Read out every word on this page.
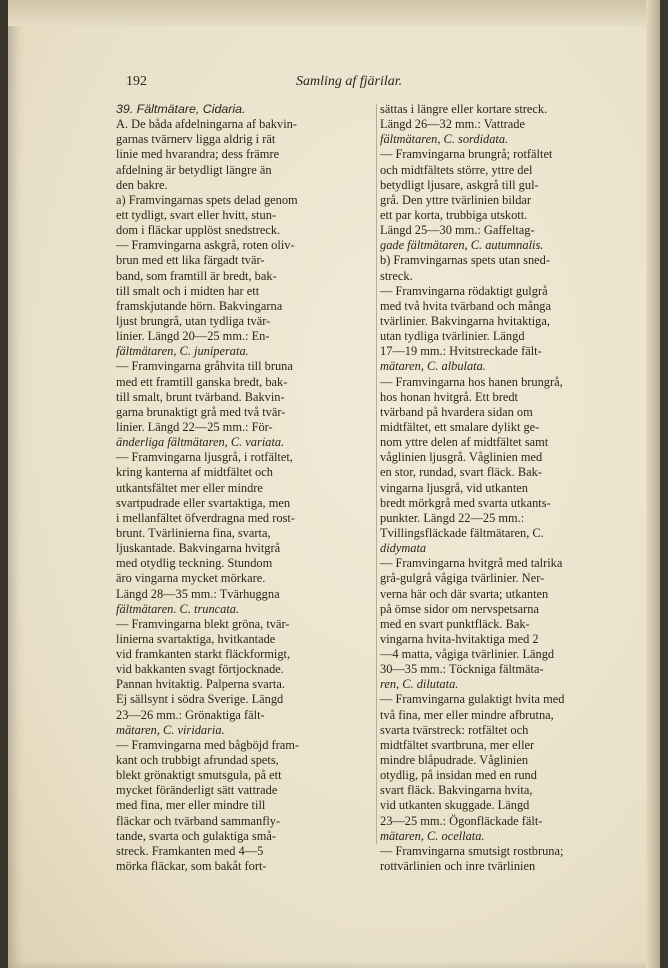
192	Samling af fjärilar.
39. Fältmätare, Cidaria.
A. De båda afdelningarna af bakvin-
garnas tvärnerv ligga aldrig i rät
linie med hvarandra; dess främre
afdelning är betydligt längre än
den bakre.
a) Framvingarnas spets delad genom
ett tydligt, svart eller hvitt, stun-
dom i fläckar upplöst snedstreck.
— Framvingarna askgrå, roten oliv-
brun med ett lika färgadt tvär-
band, som framtill är bredt, bak-
till smalt och i midten har ett
framskjutande hörn. Bakvingarna
ljust brungrå, utan tydliga tvär-
linier. Längd 20—25 mm.: En-
fältmätaren, C. juniperata.
— Framvingarna gråhvita till bruna
med ett framtill ganska bredt, bak-
till smalt, brunt tvärband. Bakvin-
garna brunaktigt grå med två tvär-
linier. Längd 22—25 mm.: För-
änderliga fältmätaren, C. variata.
— Framvingarna ljusgrå, i rotfältet,
kring kanterna af midtfältet och
utkantsfältet mer eller mindre
svartpudrade eller svartaktiga, men
i mellanfältet öfverdragna med rost-
brunt. Tvärlinierna fina, svarta,
ljuskantade. Bakvingarna hvitgrå
med otydlig teckning. Stundom
äro vingarna mycket mörkare.
Längd 28—35 mm.: Tvärhuggna
fältmätaren. C. truncata.
— Framvingarna blekt gröna, tvär-
linierna svartaktiga, hvitkantade
vid framkanten starkt fläckformigt,
vid bakkanten svagt förtjocknade.
Pannan hvitaktig. Palperna svarta.
Ej sällsynt i södra Sverige. Längd
23—26 mm.: Grönaktiga fält-
mätaren, C. viridaria.
— Framvingarna med bågböjd fram-
kant och trubbigt afrundad spets,
blekt grönaktigt smutsgula, på ett
mycket föränderligt sätt vattrade
med fina, mer eller mindre till
fläckar och tvärband sammanfly-
tande, svarta och gulaktiga små-
streck. Framkanten med 4—5
mörka fläckar, som bakåt fort-
sättas i längre eller kortare streck.
Längd 26—32 mm.: Vattrade
fältmätaren, C. sordidata.
— Framvingarna brungrå; rotfältet
och midtfältets större, yttre del
betydligt ljusare, askgrå till gul-
grå. Den yttre tvärlinien bildar
ett par korta, trubbiga utskott.
Längd 25—30 mm.: Gaffeltag-
gade fältmätaren, C. autumnalis.
b) Framvingarnas spets utan sned-
streck.
— Framvingarna rödaktigt gulgrå
med två hvita tvärband och många
tvärlinier. Bakvingarna hvitaktiga,
utan tydliga tvärlinier. Längd
17—19 mm.: Hvitstreckade fält-
mätaren, C. albulata.
— Framvingarna hos hanen brungrå,
hos honan hvitgrå. Ett bredt
tvärband på hvardera sidan om
midtfältet, ett smalare dylikt ge-
nom yttre delen af midtfältet samt
våglinien ljusgrå. Våglinien med
en stor, rundad, svart fläck. Bak-
vingarna ljusgrå, vid utkanten
bredt mörkgrå med svarta utkants-
punkter. Längd 22—25 mm.:
Tvillingsfläckade fältmätaren, C.
didymata
— Framvingarna hvitgrå med talrika
grå-gulgrå vågiga tvärlinier. Ner-
verna här och där svarta; utkanten
på ömse sidor om nervspetsarna
med en svart punktfläck. Bak-
vingarna hvita-hvitaktiga med 2
—4 matta, vågiga tvärlinier. Längd
30—35 mm.: Töckniga fältmäta-
ren, C. dilutata.
— Framvingarna gulaktigt hvita med
två fina, mer eller mindre afbrutna,
svarta tvärstreck: rotfältet och
midtfältet svartbruna, mer eller
mindre blåpudrade. Våglinien
otydlig, på insidan med en rund
svart fläck. Bakvingarna hvita,
vid utkanten skuggade. Längd
23—25 mm.: Ögonfläckade fält-
mätaren, C. ocellata.
— Framvingarna smutsigt rostbruna;
rottvärlinien och inre tvärlinien
